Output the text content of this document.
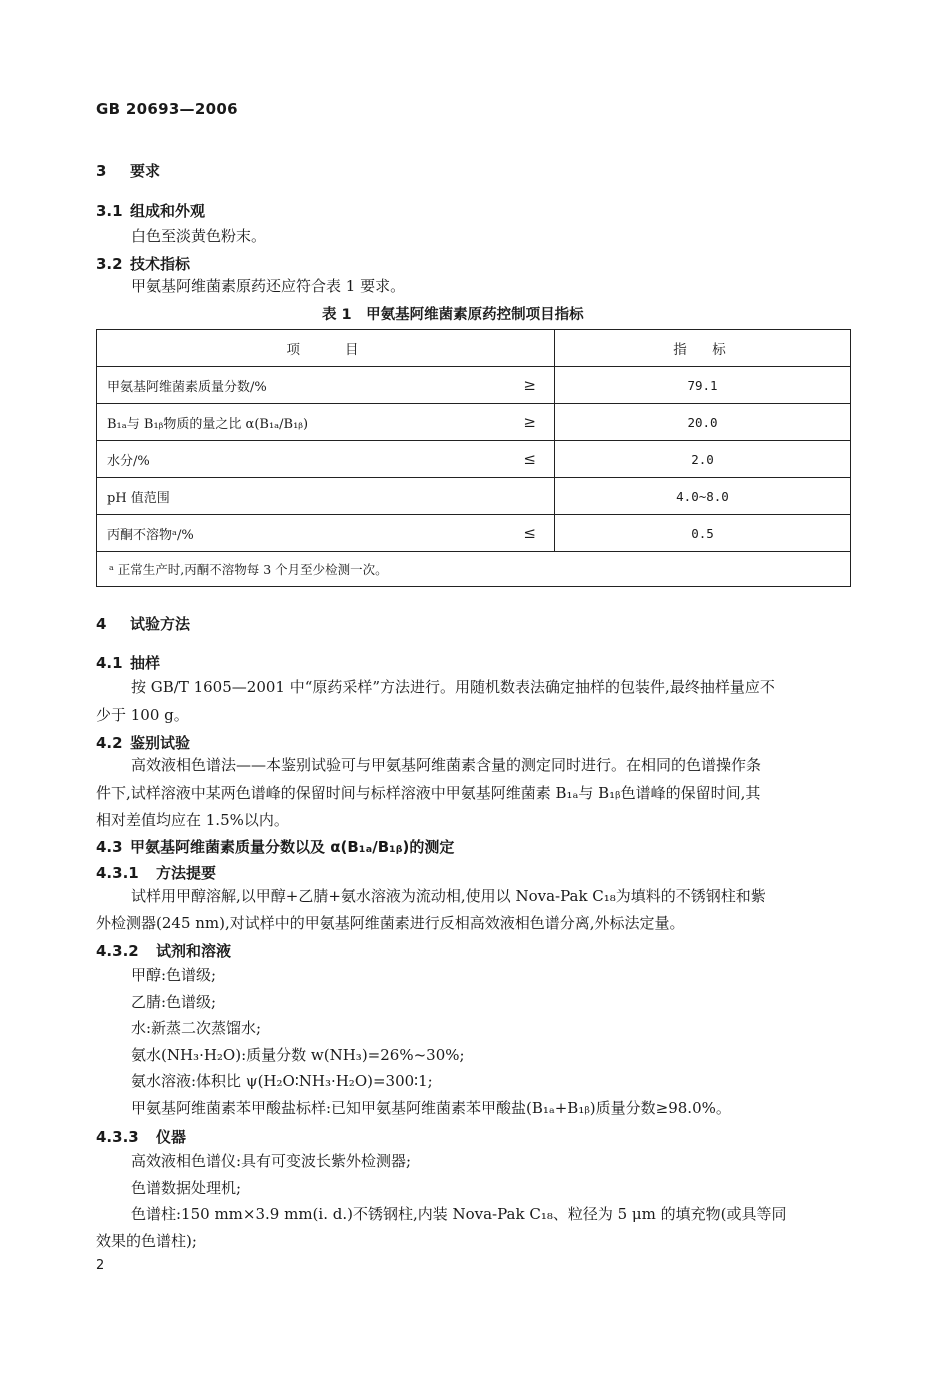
GB 20693—2006
3 要求
3.1 组成和外观
白色至淡黄色粉末。
3.2 技术指标
甲氨基阿维菌素原药还应符合表 1 要求。
表 1　甲氨基阿维菌素原药控制项目指标
项　　目		指　标
甲氨基阿维菌素质量分数/%	≥	79.1
B₁ₐ与 B₁ᵦ物质的量之比 α(B₁ₐ/B₁ᵦ)	≥	20.0
水分/%	≤	2.0
pH 值范围		4.0~8.0
丙酮不溶物ᵃ/%	≤	0.5
ᵃ 正常生产时,丙酮不溶物每 3 个月至少检测一次。		
4 试验方法
4.1 抽样
按 GB/T 1605—2001 中“原药采样”方法进行。用随机数表法确定抽样的包装件,最终抽样量应不
少于 100 g。
4.2 鉴别试验
高效液相色谱法——本鉴别试验可与甲氨基阿维菌素含量的测定同时进行。在相同的色谱操作条
件下,试样溶液中某两色谱峰的保留时间与标样溶液中甲氨基阿维菌素 B₁ₐ与 B₁ᵦ色谱峰的保留时间,其
相对差值均应在 1.5%以内。
4.3 甲氨基阿维菌素质量分数以及 α(B₁ₐ/B₁ᵦ)的测定
4.3.1 方法提要
试样用甲醇溶解,以甲醇+乙腈+氨水溶液为流动相,使用以 Nova-Pak C₁₈为填料的不锈钢柱和紫
外检测器(245 nm),对试样中的甲氨基阿维菌素进行反相高效液相色谱分离,外标法定量。
4.3.2 试剂和溶液
甲醇:色谱级;
乙腈:色谱级;
水:新蒸二次蒸馏水;
氨水(NH₃·H₂O):质量分数 w(NH₃)=26%~30%;
氨水溶液:体积比 ψ(H₂O∶NH₃·H₂O)=300∶1;
甲氨基阿维菌素苯甲酸盐标样:已知甲氨基阿维菌素苯甲酸盐(B₁ₐ+B₁ᵦ)质量分数≥98.0%。
4.3.3 仪器
高效液相色谱仪:具有可变波长紫外检测器;
色谱数据处理机;
色谱柱:150 mm×3.9 mm(i. d.)不锈钢柱,内装 Nova-Pak C₁₈、粒径为 5 μm 的填充物(或具等同
效果的色谱柱);
2
